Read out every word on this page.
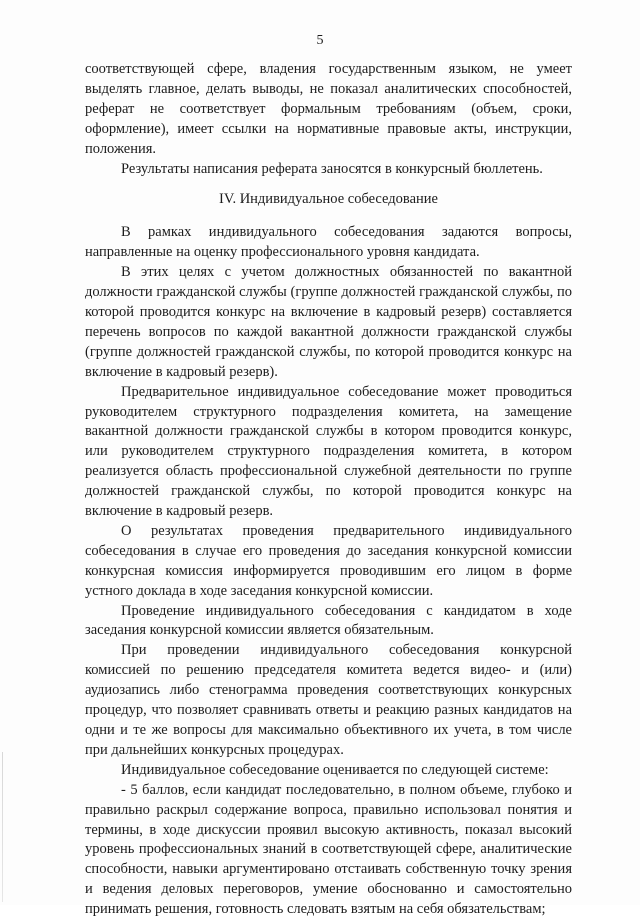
5

соответствующей сфере, владения государственным языком, не умеет выделять главное, делать выводы, не показал аналитических способностей, реферат не соответствует формальным требованиям (объем, сроки, оформление), имеет ссылки на нормативные правовые акты, инструкции, положения.

Результаты написания реферата заносятся в конкурсный бюллетень.

IV. Индивидуальное собеседование

В рамках индивидуального собеседования задаются вопросы, направленные на оценку профессионального уровня кандидата.

В этих целях с учетом должностных обязанностей по вакантной должности гражданской службы (группе должностей гражданской службы, по которой проводится конкурс на включение в кадровый резерв) составляется перечень вопросов по каждой вакантной должности гражданской службы (группе должностей гражданской службы, по которой проводится конкурс на включение в кадровый резерв).

Предварительное индивидуальное собеседование может проводиться руководителем структурного подразделения комитета, на замещение вакантной должности гражданской службы в котором проводится конкурс, или руководителем структурного подразделения комитета, в котором реализуется область профессиональной служебной деятельности по группе должностей гражданской службы, по которой проводится конкурс на включение в кадровый резерв.

О результатах проведения предварительного индивидуального собеседования в случае его проведения до заседания конкурсной комиссии конкурсная комиссия информируется проводившим его лицом в форме устного доклада в ходе заседания конкурсной комиссии.

Проведение индивидуального собеседования с кандидатом в ходе заседания конкурсной комиссии является обязательным.

При проведении индивидуального собеседования конкурсной комиссией по решению председателя комитета ведется видео- и (или) аудиозапись либо стенограмма проведения соответствующих конкурсных процедур, что позволяет сравнивать ответы и реакцию разных кандидатов на одни и те же вопросы для максимально объективного их учета, в том числе при дальнейших конкурсных процедурах.

Индивидуальное собеседование оценивается по следующей системе:

- 5 баллов, если кандидат последовательно, в полном объеме, глубоко и правильно раскрыл содержание вопроса, правильно использовал понятия и термины, в ходе дискуссии проявил высокую активность, показал высокий уровень профессиональных знаний в соответствующей сфере, аналитические способности, навыки аргументировано отстаивать собственную точку зрения и ведения деловых переговоров, умение обоснованно и самостоятельно принимать решения, готовность следовать взятым на себя обязательствам;
